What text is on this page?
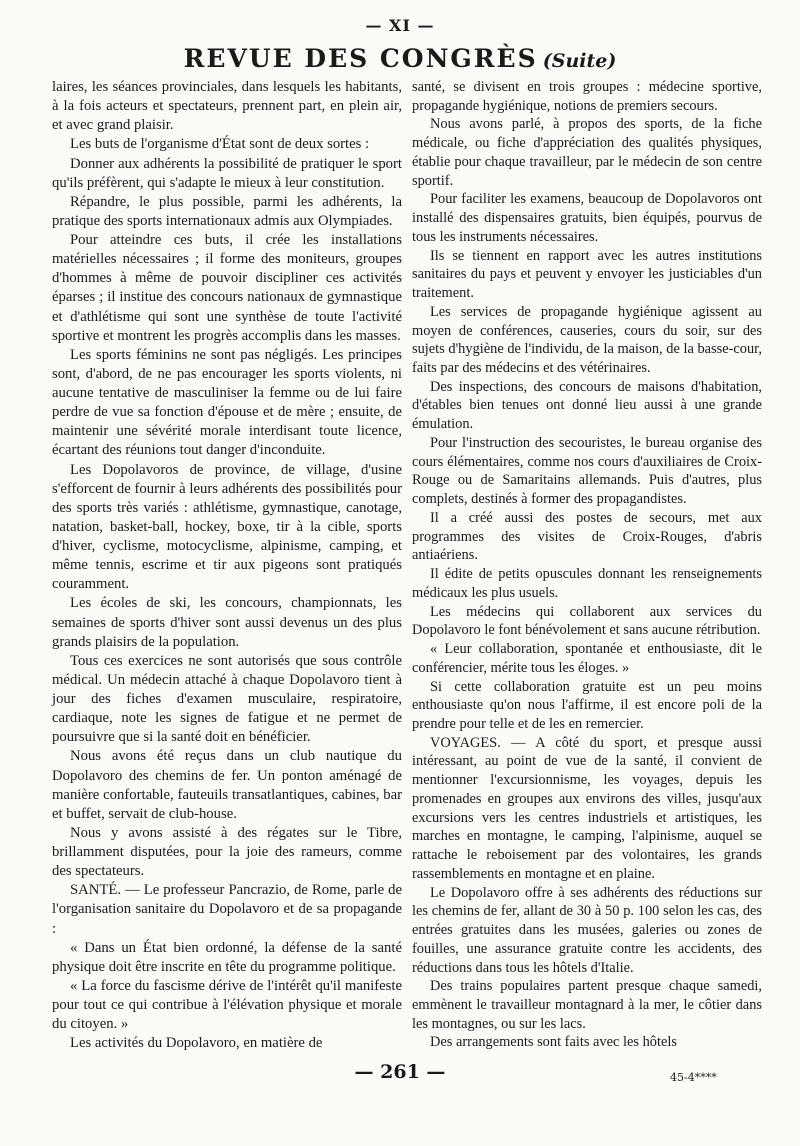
— XI —
REVUE DES CONGRÈS (Suite)

laires, les séances provinciales, dans lesquels les habitants, à la fois acteurs et spectateurs, prennent part, en plein air, et avec grand plaisir.

Les buts de l'organisme d'État sont de deux sortes :

Donner aux adhérents la possibilité de pratiquer le sport qu'ils préfèrent, qui s'adapte le mieux à leur constitution.

Répandre, le plus possible, parmi les adhérents, la pratique des sports internationaux admis aux Olympiades.

Pour atteindre ces buts, il crée les installations matérielles nécessaires ; il forme des moniteurs, groupes d'hommes à même de pouvoir discipliner ces activités éparses ; il institue des concours nationaux de gymnastique et d'athlétisme qui sont une synthèse de toute l'activité sportive et montrent les progrès accomplis dans les masses.

Les sports féminins ne sont pas négligés. Les principes sont, d'abord, de ne pas encourager les sports violents, ni aucune tentative de masculiniser la femme ou de lui faire perdre de vue sa fonction d'épouse et de mère ; ensuite, de maintenir une sévérité morale interdisant toute licence, écartant des réunions tout danger d'inconduite.

Les Dopolavoros de province, de village, d'usine s'efforcent de fournir à leurs adhérents des possibilités pour des sports très variés : athlétisme, gymnastique, canotage, natation, basket-ball, hockey, boxe, tir à la cible, sports d'hiver, cyclisme, motocyclisme, alpinisme, camping, et même tennis, escrime et tir aux pigeons sont pratiqués couramment.

Les écoles de ski, les concours, championnats, les semaines de sports d'hiver sont aussi devenus un des plus grands plaisirs de la population.

Tous ces exercices ne sont autorisés que sous contrôle médical. Un médecin attaché à chaque Dopolavoro tient à jour des fiches d'examen musculaire, respiratoire, cardiaque, note les signes de fatigue et ne permet de poursuivre que si la santé doit en bénéficier.

Nous avons été reçus dans un club nautique du Dopolavoro des chemins de fer. Un ponton aménagé de manière confortable, fauteuils transatlantiques, cabines, bar et buffet, servait de club-house.

Nous y avons assisté à des régates sur le Tibre, brillamment disputées, pour la joie des rameurs, comme des spectateurs.

SANTÉ. — Le professeur Pancrazio, de Rome, parle de l'organisation sanitaire du Dopolavoro et de sa propagande :

« Dans un État bien ordonné, la défense de la santé physique doit être inscrite en tête du programme politique.

« La force du fascisme dérive de l'intérêt qu'il manifeste pour tout ce qui contribue à l'élévation physique et morale du citoyen. »

Les activités du Dopolavoro, en matière de

santé, se divisent en trois groupes : médecine sportive, propagande hygiénique, notions de premiers secours.

Nous avons parlé, à propos des sports, de la fiche médicale, ou fiche d'appréciation des qualités physiques, établie pour chaque travailleur, par le médecin de son centre sportif.

Pour faciliter les examens, beaucoup de Dopolavoros ont installé des dispensaires gratuits, bien équipés, pourvus de tous les instruments nécessaires.

Ils se tiennent en rapport avec les autres institutions sanitaires du pays et peuvent y envoyer les justiciables d'un traitement.

Les services de propagande hygiénique agissent au moyen de conférences, causeries, cours du soir, sur des sujets d'hygiène de l'individu, de la maison, de la basse-cour, faits par des médecins et des vétérinaires.

Des inspections, des concours de maisons d'habitation, d'étables bien tenues ont donné lieu aussi à une grande émulation.

Pour l'instruction des secouristes, le bureau organise des cours élémentaires, comme nos cours d'auxiliaires de Croix-Rouge ou de Samaritains allemands. Puis d'autres, plus complets, destinés à former des propagandistes.

Il a créé aussi des postes de secours, met aux programmes des visites de Croix-Rouges, d'abris antiaériens.

Il édite de petits opuscules donnant les renseignements médicaux les plus usuels.

Les médecins qui collaborent aux services du Dopolavoro le font bénévolement et sans aucune rétribution.

« Leur collaboration, spontanée et enthousiaste, dit le conférencier, mérite tous les éloges. »

Si cette collaboration gratuite est un peu moins enthousiaste qu'on nous l'affirme, il est encore poli de la prendre pour telle et de les en remercier.

VOYAGES. — A côté du sport, et presque aussi intéressant, au point de vue de la santé, il convient de mentionner l'excursionnisme, les voyages, depuis les promenades en groupes aux environs des villes, jusqu'aux excursions vers les centres industriels et artistiques, les marches en montagne, le camping, l'alpinisme, auquel se rattache le reboisement par des volontaires, les grands rassemblements en montagne et en plaine.

Le Dopolavoro offre à ses adhérents des réductions sur les chemins de fer, allant de 30 à 50 p. 100 selon les cas, des entrées gratuites dans les musées, galeries ou zones de fouilles, une assurance gratuite contre les accidents, des réductions dans tous les hôtels d'Italie.

Des trains populaires partent presque chaque samedi, emmènent le travailleur montagnard à la mer, le côtier dans les montagnes, ou sur les lacs.

Des arrangements sont faits avec les hôtels

— 261 —	45-4****
